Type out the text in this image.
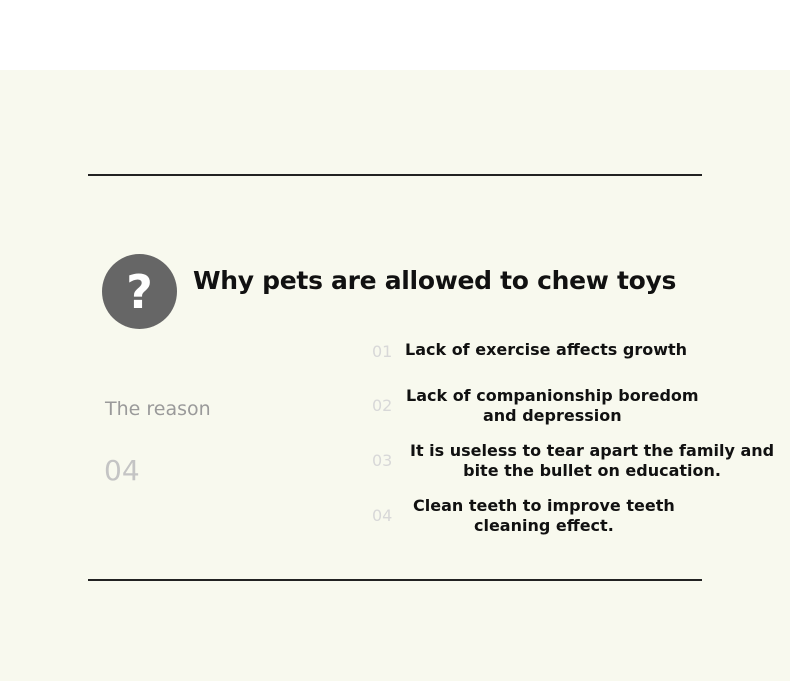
? Why pets are allowed to chew toys
The reason
04
01 Lack of exercise affects growth
02
Lack of companionship boredom
and depression
03
It is useless to tear apart the family and
bite the bullet on education.
04
Clean teeth to improve teeth
cleaning effect.
